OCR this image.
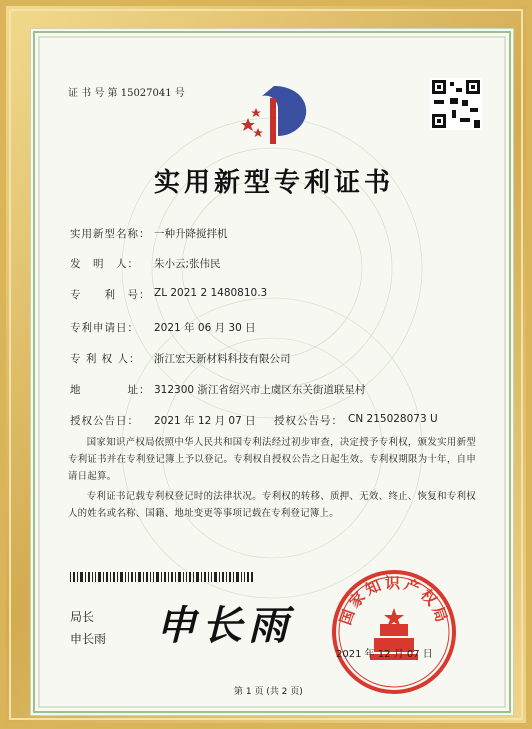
证 书 号 第 15027041 号
实用新型专利证书
实用新型名称： 一种升降搅拌机
发　明　人： 朱小云;张伟民
专　　利　号： ZL 2021 2 1480810.3
专利申请日： 2021 年 06 月 30 日
专 利 权 人： 浙江宏天新材料科技有限公司
地　　　　址： 312300 浙江省绍兴市上虞区东关街道联星村
授权公告日： 2021 年 12 月 07 日 授权公告号： CN 215028073 U

国家知识产权局依照中华人民共和国专利法经过初步审查，决定授予专利权，颁发实用新型专利证书并在专利登记簿上予以登记。专利权自授权公告之日起生效。专利权期限为十年，自申请日起算。

专利证书记载专利权登记时的法律状况。专利权的转移、质押、无效、终止、恢复和专利权人的姓名或名称、国籍、地址变更等事项记载在专利登记簿上。

局长
申长雨 申长雨	国家知识产权局
2021 年 12 月 07 日
第 1 页 (共 2 页)
